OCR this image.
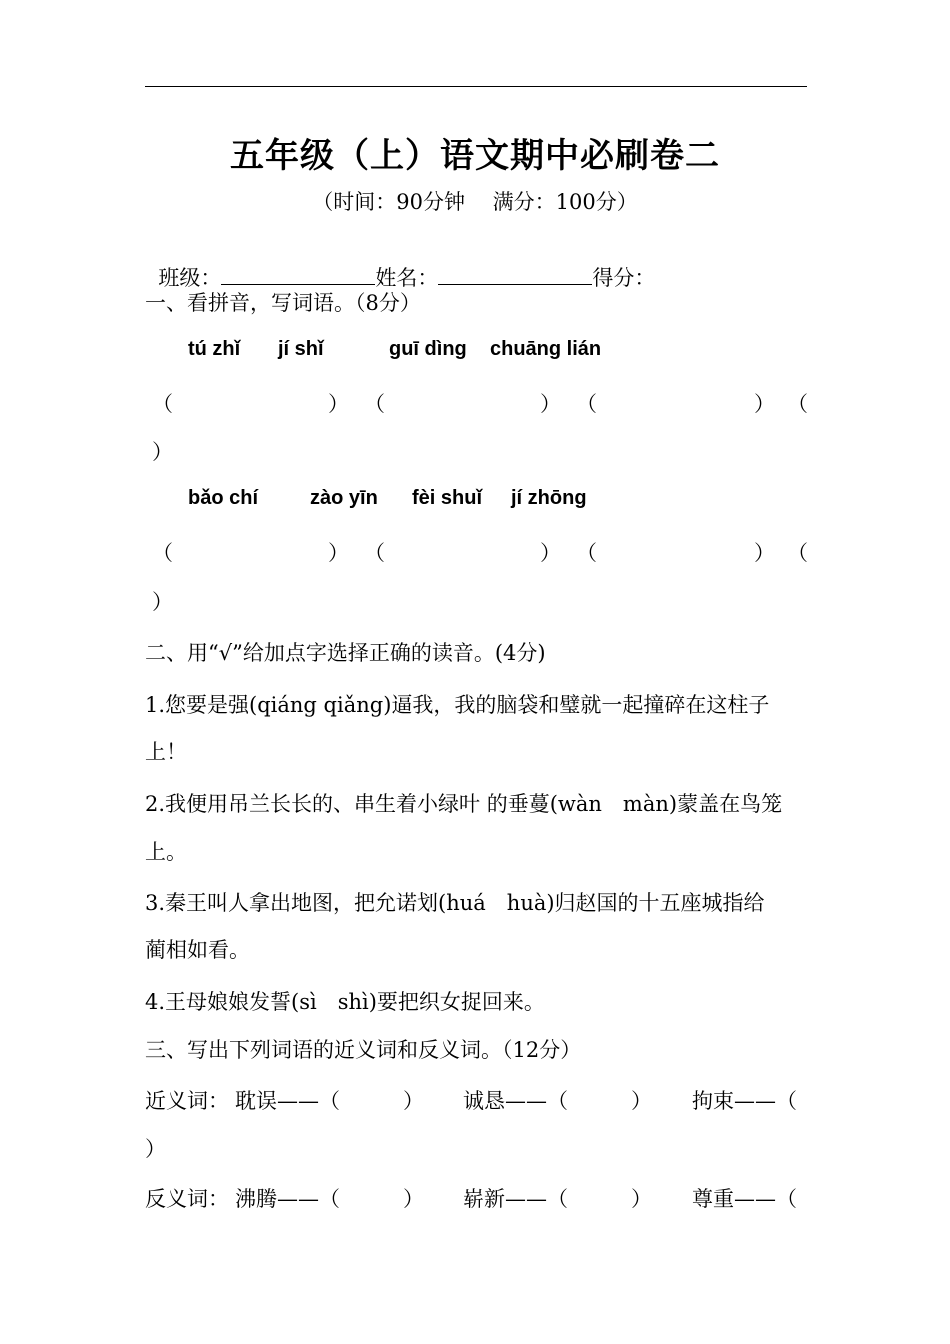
五年级（上）语文期中必刷卷二
（时间：90分钟　 满分：100分）

班级：	姓名：	得分：

一、看拼音，写词语。（8分）
tú zhǐ jí shǐ	guī dìng chuāng lián
（	） （	） （	） （
）
bǎo chí	zào yīn fèi shuǐ jí zhōng
（	） （	） （	） （
）
二、用“√”给加点字选择正确的读音。(4分)
1.您要是强(qiáng qiǎng)逼我，我的脑袋和璧就一起撞碎在这柱子
上！
2.我便用吊兰长长的、串生着小绿叶 的垂蔓(wàn　màn)蒙盖在鸟笼
上。
3.秦王叫人拿出地图，把允诺划(huá　huà)归赵国的十五座城指给
蔺相如看。
4.王母娘娘发誓(sì　shì)要把织女捉回来。
三、写出下列词语的近义词和反义词。（12分）
近义词： 耽误——（　　　） 诚恳——（　　　） 拘束——（
）
反义词： 沸腾——（　　　） 崭新——（　　　） 尊重——（
